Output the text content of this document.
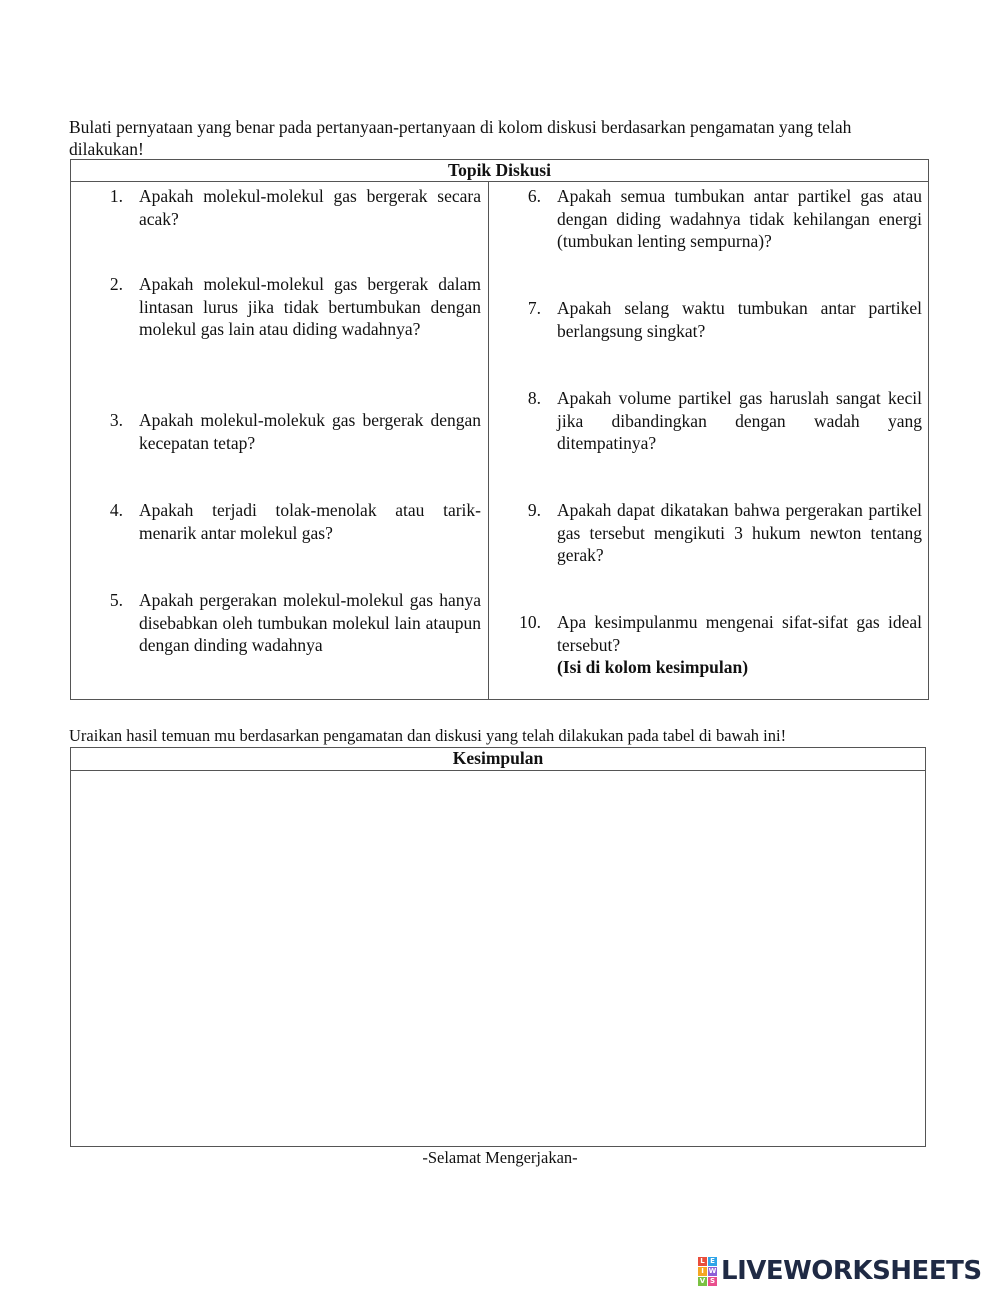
Bulati pernyataan yang benar pada pertanyaan-pertanyaan di kolom diskusi berdasarkan pengamatan yang telah dilakukan!

Topik Diskusi
1. Apakah molekul-molekul gas bergerak secara acak?
2. Apakah molekul-molekul gas bergerak dalam lintasan lurus jika tidak bertumbukan dengan molekul gas lain atau diding wadahnya?
3. Apakah molekul-molekuk gas bergerak dengan kecepatan tetap?
4. Apakah terjadi tolak-menolak atau tarik-menarik antar molekul gas?
5. Apakah pergerakan molekul-molekul gas hanya disebabkan oleh tumbukan molekul lain ataupun dengan dinding wadahnya
6. Apakah semua tumbukan antar partikel gas atau dengan diding wadahnya tidak kehilangan energi (tumbukan lenting sempurna)?
7. Apakah selang waktu tumbukan antar partikel berlangsung singkat?
8. Apakah volume partikel gas haruslah sangat kecil jika dibandingkan dengan wadah yang ditempatinya?
9. Apakah dapat dikatakan bahwa pergerakan partikel gas tersebut mengikuti 3 hukum newton tentang gerak?
10. Apa kesimpulanmu mengenai sifat-sifat gas ideal tersebut?
(Isi di kolom kesimpulan)

Uraikan hasil temuan mu berdasarkan pengamatan dan diskusi yang telah dilakukan pada tabel di bawah ini!

Kesimpulan
-Selamat Mengerjakan-
L
I
V
E
W
S LIVEWORKSHEETS
